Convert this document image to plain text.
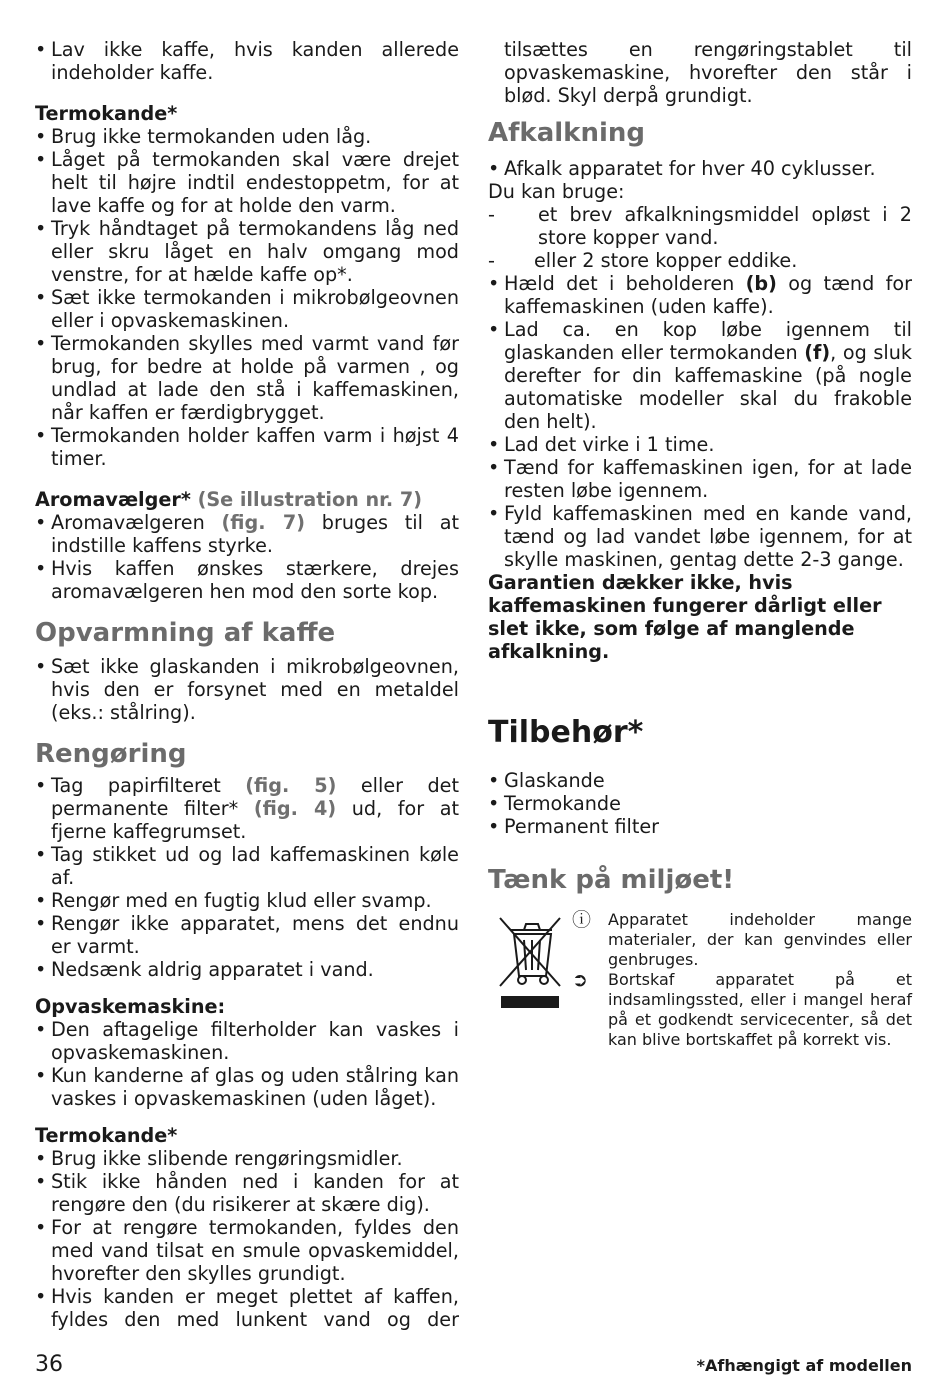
• Lav ikke kaffe, hvis kanden allerede indeholder kaffe.

Termokande*

• Brug ikke termokanden uden låg.
• Låget på termokanden skal være drejet helt til højre indtil endestoppetm, for at lave kaffe og for at holde den varm.
• Tryk håndtaget på termokandens låg ned eller skru låget en halv omgang mod venstre, for at hælde kaffe op*.
• Sæt ikke termokanden i mikrobølgeovnen eller i opvaskemaskinen.
• Termokanden skylles med varmt vand før brug, for bedre at holde på varmen , og undlad at lade den stå i kaffemaskinen, når kaffen er færdigbrygget.
• Termokanden holder kaffen varm i højst 4 timer.

Aromavælger* (Se illustration nr. 7)

• Aromavælgeren (fig. 7) bruges til at indstille kaffens styrke.
• Hvis kaffen ønskes stærkere, drejes aromavælgeren hen mod den sorte kop.
Opvarmning af kaffe
• Sæt ikke glaskanden i mikrobølgeovnen, hvis den er forsynet med en metaldel (eks.: stålring).
Rengøring
• Tag papirfilteret (fig. 5) eller det permanente filter* (fig. 4) ud, for at fjerne kaffegrumset.
• Tag stikket ud og lad kaffemaskinen køle af.
• Rengør med en fugtig klud eller svamp.
• Rengør ikke apparatet, mens det endnu er varmt.
• Nedsænk aldrig apparatet i vand.

Opvaskemaskine:

• Den aftagelige filterholder kan vaskes i opvaskemaskinen.
• Kun kanderne af glas og uden stålring kan vaskes i opvaskemaskinen (uden låget).

Termokande*

• Brug ikke slibende rengøringsmidler.
• Stik ikke hånden ned i kanden for at rengøre den (du risikerer at skære dig).
• For at rengøre termokanden, fyldes den med vand tilsat en smule opvaskemiddel, hvorefter den skylles grundigt.
• Hvis kanden er meget plettet af kaffen, fyldes den med lunkent vand og der

tilsættes en rengøringstablet til opvaskemaskine, hvorefter den står i blød. Skyl derpå grundigt.

Afkalkning
• Afkalk apparatet for hver 40 cyklusser.

Du kan bruge:

-	et brev afkalkningsmiddel opløst i 2 store kopper vand.
-	eller 2 store kopper eddike.
• Hæld det i beholderen (b) og tænd for kaffemaskinen (uden kaffe).
• Lad ca. en kop løbe igennem til glaskanden eller termokanden (f), og sluk derefter for din kaffemaskine (på nogle automatiske modeller skal du frakoble den helt).
• Lad det virke i 1 time.
• Tænd for kaffemaskinen igen, for at lade resten løbe igennem.
• Fyld kaffemaskinen med en kande vand, tænd og lad vandet løbe igennem, for at skylle maskinen, gentag dette 2-3 gange.

Garantien dækker ikke, hvis kaffemaskinen fungerer dårligt eller slet ikke, som følge af manglende afkalkning.

Tilbehør*
• Glaskande
• Termokande
• Permanent filter
Tænk på miljøet!
ⓘ	Apparatet indeholder mange materialer, der kan genvindes eller genbruges.
➲	Bortskaf apparatet på et indsamlingssted, eller i mangel heraf på et godkendt servicecenter, så det kan blive bortskaffet på korrekt vis.
36	*Afhængigt af modellen
